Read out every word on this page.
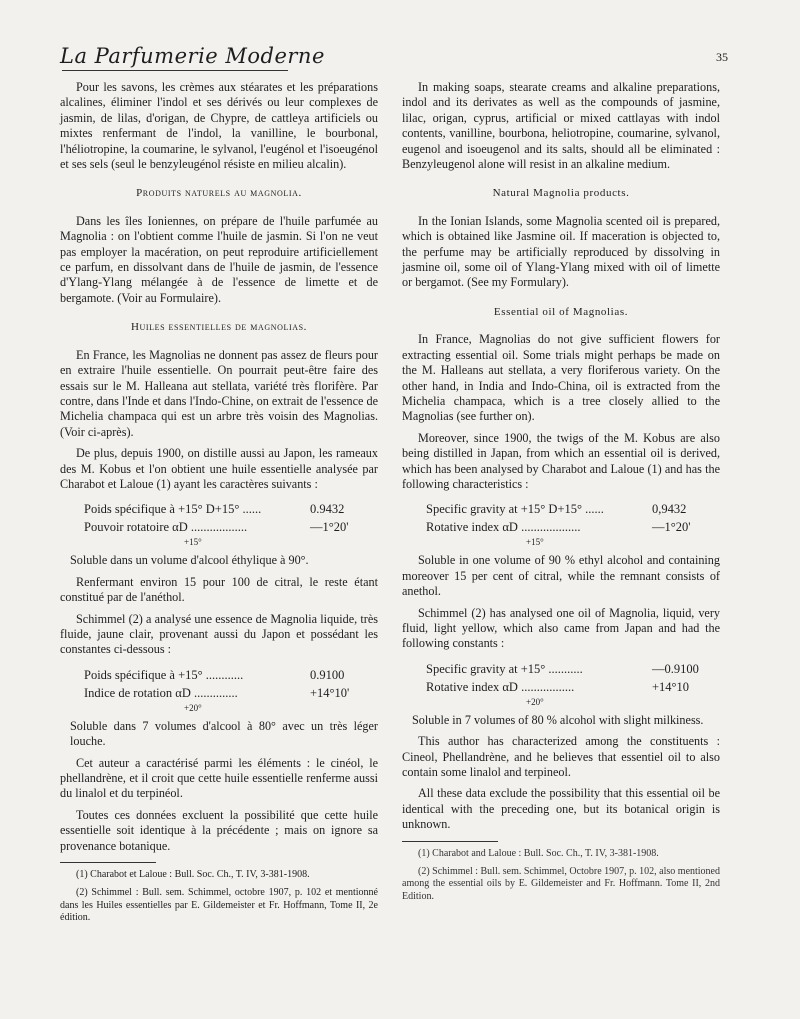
La Parfumerie Moderne	35

Pour les savons, les crèmes aux stéarates et les préparations alcalines, éliminer l'indol et ses dérivés ou leur complexes de jasmin, de lilas, d'origan, de Chypre, de cattleya artificiels ou mixtes renfermant de l'indol, la vanilline, le bourbonal, l'héliotropine, la coumarine, le sylvanol, l'eugénol et l'isoeugénol et ses sels (seul le benzyleugénol résiste en milieu alcalin).

Produits naturels au magnolia.

Dans les îles Ioniennes, on prépare de l'huile parfumée au Magnolia : on l'obtient comme l'huile de jasmin. Si l'on ne veut pas employer la macération, on peut reproduire artificiellement ce parfum, en dissolvant dans de l'huile de jasmin, de l'essence d'Ylang-Ylang mélangée à de l'essence de limette et de bergamote. (Voir au Formulaire).

Huiles essentielles de magnolias.

En France, les Magnolias ne donnent pas assez de fleurs pour en extraire l'huile essentielle. On pourrait peut-être faire des essais sur le M. Halleana aut stellata, variété très florifère. Par contre, dans l'Inde et dans l'Indo-Chine, on extrait de l'essence de Michelia champaca qui est un arbre très voisin des Magnolias. (Voir ci-après).

De plus, depuis 1900, on distille aussi au Japon, les rameaux des M. Kobus et l'on obtient une huile essentielle analysée par Charabot et Laloue (1) ayant les caractères suivants :

Poids spécifique à +15° D+15° ......	0.9432
Pouvoir rotatoire αD ..................	—1°20'
+15°

Soluble dans un volume d'alcool éthylique à 90°.

Renfermant environ 15 pour 100 de citral, le reste étant constitué par de l'anéthol.

Schimmel (2) a analysé une essence de Magnolia liquide, très fluide, jaune clair, provenant aussi du Japon et possédant les constantes ci-dessous :

Poids spécifique à +15° ............	0.9100
Indice de rotation αD ..............	+14°10'
+20°

Soluble dans 7 volumes d'alcool à 80° avec un très léger louche.

Cet auteur a caractérisé parmi les éléments : le cinéol, le phellandrène, et il croit que cette huile essentielle renferme aussi du linalol et du terpinéol.

Toutes ces données excluent la possibilité que cette huile essentielle soit identique à la précédente ; mais on ignore sa provenance botanique.

(1) Charabot et Laloue : Bull. Soc. Ch., T. IV, 3-381-1908.

(2) Schimmel : Bull. sem. Schimmel, octobre 1907, p. 102 et mentionné dans les Huiles essentielles par E. Gildemeister et Fr. Hoffmann, Tome II, 2e édition.

In making soaps, stearate creams and alkaline preparations, indol and its derivates as well as the compounds of jasmine, lilac, origan, cyprus, artificial or mixed cattlayas with indol contents, vanilline, bourbona, heliotropine, coumarine, sylvanol, eugenol and isoeugenol and its salts, should all be eliminated : Benzyleugenol alone will resist in an alkaline medium.

Natural Magnolia products.

In the Ionian Islands, some Magnolia scented oil is prepared, which is obtained like Jasmine oil. If maceration is objected to, the perfume may be artificially reproduced by dissolving in jasmine oil, some oil of Ylang-Ylang mixed with oil of limette or bergamot. (See my Formulary).

Essential oil of Magnolias.

In France, Magnolias do not give sufficient flowers for extracting essential oil. Some trials might perhaps be made on the M. Halleans aut stellata, a very floriferous variety. On the other hand, in India and Indo-China, oil is extracted from the Michelia champaca, which is a tree closely allied to the Magnolias (see further on).

Moreover, since 1900, the twigs of the M. Kobus are also being distilled in Japan, from which an essential oil is derived, which has been analysed by Charabot and Laloue (1) and has the following characteristics :

Specific gravity at +15° D+15° ......	0,9432
Rotative index αD ...................	—1°20'
+15°

Soluble in one volume of 90 % ethyl alcohol and containing moreover 15 per cent of citral, while the remnant consists of anethol.

Schimmel (2) has analysed one oil of Magnolia, liquid, very fluid, light yellow, which also came from Japan and had the following constants :

Specific gravity at +15° ...........	—0.9100
Rotative index αD .................	+14°10
+20°

Soluble in 7 volumes of 80 % alcohol with slight milkiness.

This author has characterized among the constituents : Cineol, Phellandrène, and he believes that essentiel oil to also contain some linalol and terpineol.

All these data exclude the possibility that this essential oil be identical with the preceding one, but its botanical origin is unknown.

(1) Charabot and Laloue : Bull. Soc. Ch., T. IV, 3-381-1908.

(2) Schimmel : Bull. sem. Schimmel, Octobre 1907, p. 102, also mentioned among the essential oils by E. Gildemeister and Fr. Hoffmann. Tome II, 2nd Edition.
